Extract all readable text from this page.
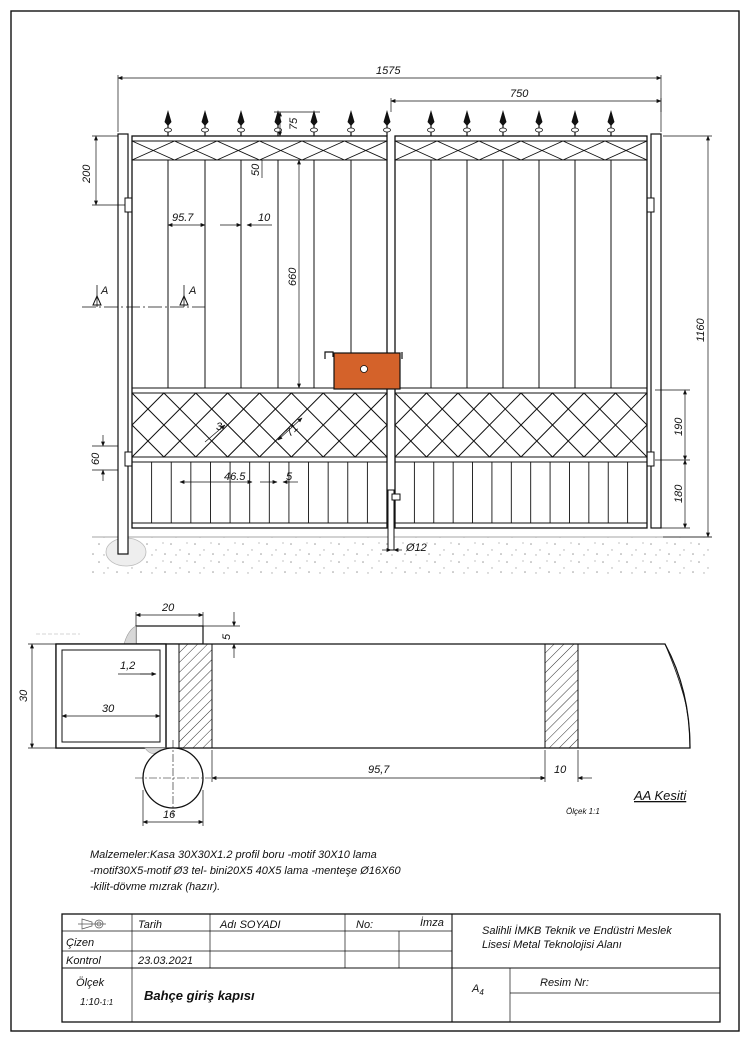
A	A
1575
750
75
200	50
95.7	10
660
1160
190
180
60
46.5	5
3	71
Ø12
20
5
30
1,2
30
95,7	10
16
AA Kesiti
Ölçek 1:1
Malzemeler:Kasa 30X30X1.2 profil boru -motif 30X10 lama
-motif30X5-motif Ø3 tel- bini20X5 40X5 lama -menteşe Ø16X60
-kilit-dövme mızrak (hazır).
Tarih	Adı SOYADI	No:	İmza
Çizen
Kontrol	23.03.2021
Ölçek
1:10-1:1 Bahçe giriş kapısı
Salihli İMKB Teknik ve Endüstri Meslek
Lisesi Metal Teknolojisi Alanı
$A_4$
Resim Nr:
